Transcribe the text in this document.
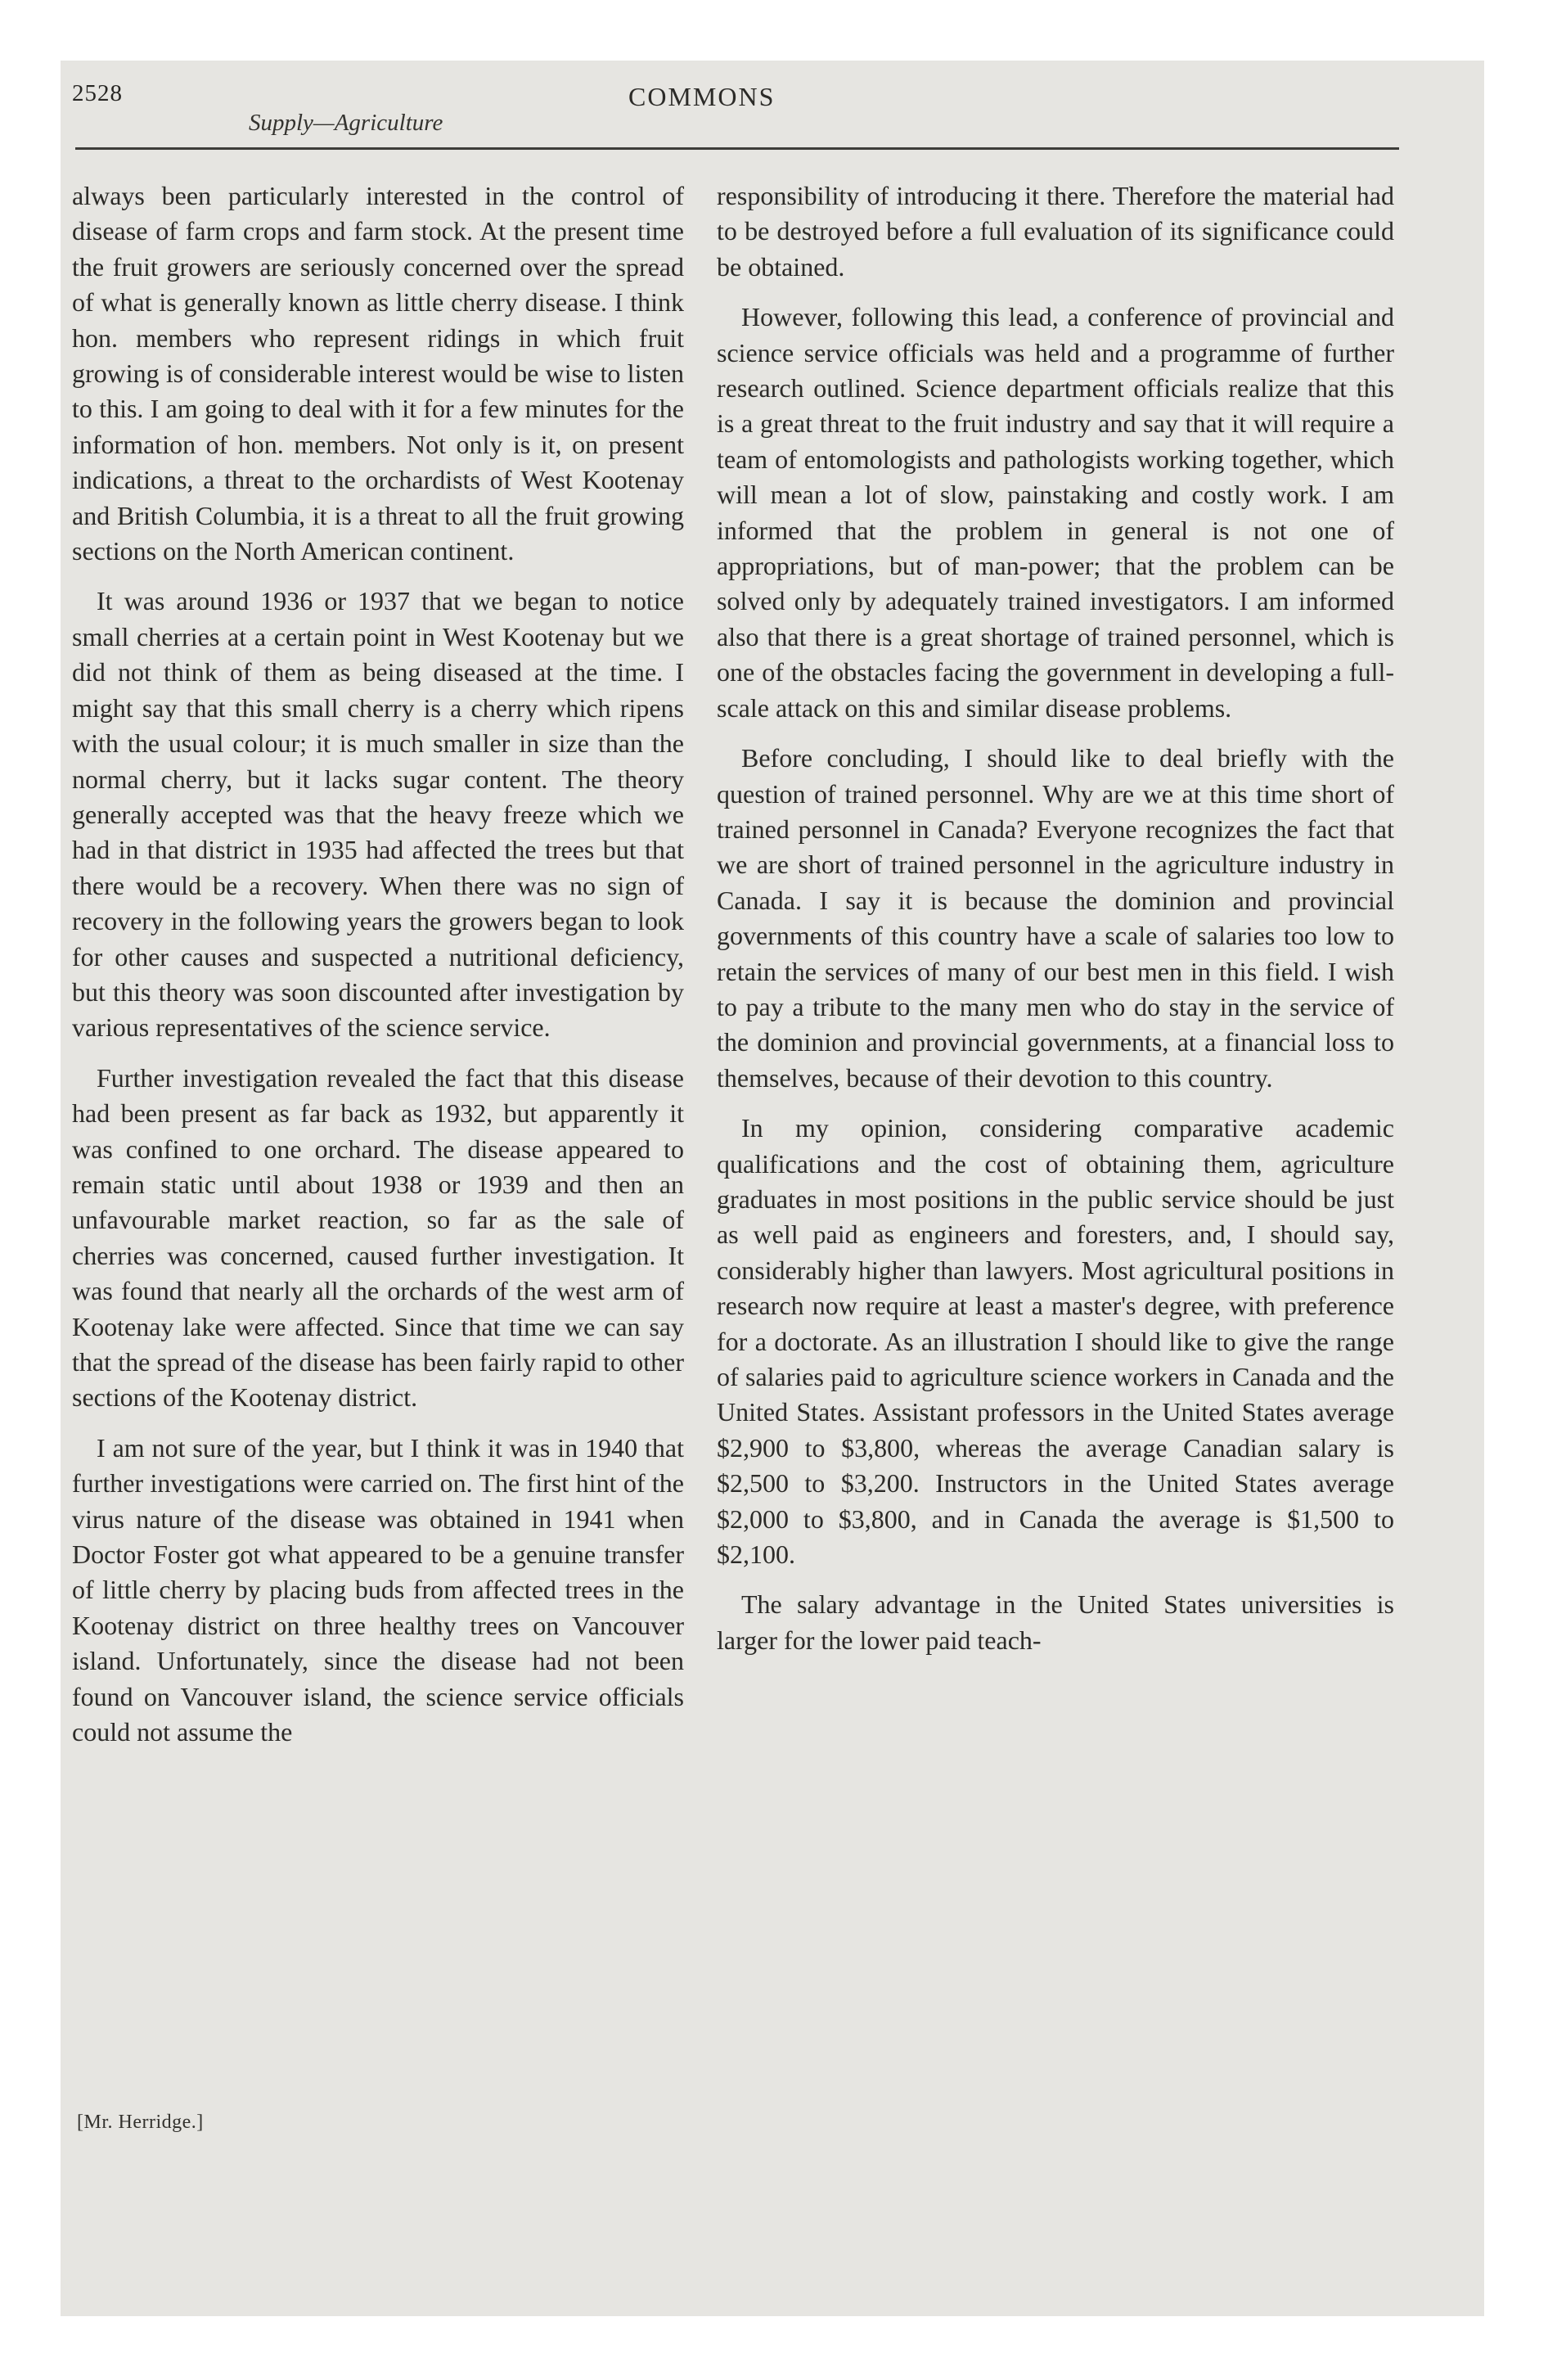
2528
Supply—Agriculture
COMMONS

always been particularly interested in the control of disease of farm crops and farm stock. At the present time the fruit growers are seriously concerned over the spread of what is generally known as little cherry disease. I think hon. members who represent ridings in which fruit growing is of considerable interest would be wise to listen to this. I am going to deal with it for a few minutes for the information of hon. members. Not only is it, on present indications, a threat to the orchardists of West Kootenay and British Columbia, it is a threat to all the fruit growing sections on the North American continent.

It was around 1936 or 1937 that we began to notice small cherries at a certain point in West Kootenay but we did not think of them as being diseased at the time. I might say that this small cherry is a cherry which ripens with the usual colour; it is much smaller in size than the normal cherry, but it lacks sugar content. The theory generally accepted was that the heavy freeze which we had in that district in 1935 had affected the trees but that there would be a recovery. When there was no sign of recovery in the following years the growers began to look for other causes and suspected a nutritional deficiency, but this theory was soon discounted after investigation by various representatives of the science service.

Further investigation revealed the fact that this disease had been present as far back as 1932, but apparently it was confined to one orchard. The disease appeared to remain static until about 1938 or 1939 and then an unfavourable market reaction, so far as the sale of cherries was concerned, caused further investigation. It was found that nearly all the orchards of the west arm of Kootenay lake were affected. Since that time we can say that the spread of the disease has been fairly rapid to other sections of the Kootenay district.

I am not sure of the year, but I think it was in 1940 that further investigations were carried on. The first hint of the virus nature of the disease was obtained in 1941 when Doctor Foster got what appeared to be a genuine transfer of little cherry by placing buds from affected trees in the Kootenay district on three healthy trees on Vancouver island. Unfortunately, since the disease had not been found on Vancouver island, the science service officials could not assume the

[Mr. Herridge.]

responsibility of introducing it there. Therefore the material had to be destroyed before a full evaluation of its significance could be obtained.

However, following this lead, a conference of provincial and science service officials was held and a programme of further research outlined. Science department officials realize that this is a great threat to the fruit industry and say that it will require a team of entomologists and pathologists working together, which will mean a lot of slow, painstaking and costly work. I am informed that the problem in general is not one of appropriations, but of man-power; that the problem can be solved only by adequately trained investigators. I am informed also that there is a great shortage of trained personnel, which is one of the obstacles facing the government in developing a full-scale attack on this and similar disease problems.

Before concluding, I should like to deal briefly with the question of trained personnel. Why are we at this time short of trained personnel in Canada? Everyone recognizes the fact that we are short of trained personnel in the agriculture industry in Canada. I say it is because the dominion and provincial governments of this country have a scale of salaries too low to retain the services of many of our best men in this field. I wish to pay a tribute to the many men who do stay in the service of the dominion and provincial governments, at a financial loss to themselves, because of their devotion to this country.

In my opinion, considering comparative academic qualifications and the cost of obtaining them, agriculture graduates in most positions in the public service should be just as well paid as engineers and foresters, and, I should say, considerably higher than lawyers. Most agricultural positions in research now require at least a master's degree, with preference for a doctorate. As an illustration I should like to give the range of salaries paid to agriculture science workers in Canada and the United States. Assistant professors in the United States average $2,900 to $3,800, whereas the average Canadian salary is $2,500 to $3,200. Instructors in the United States average $2,000 to $3,800, and in Canada the average is $1,500 to $2,100.

The salary advantage in the United States universities is larger for the lower paid teach-
